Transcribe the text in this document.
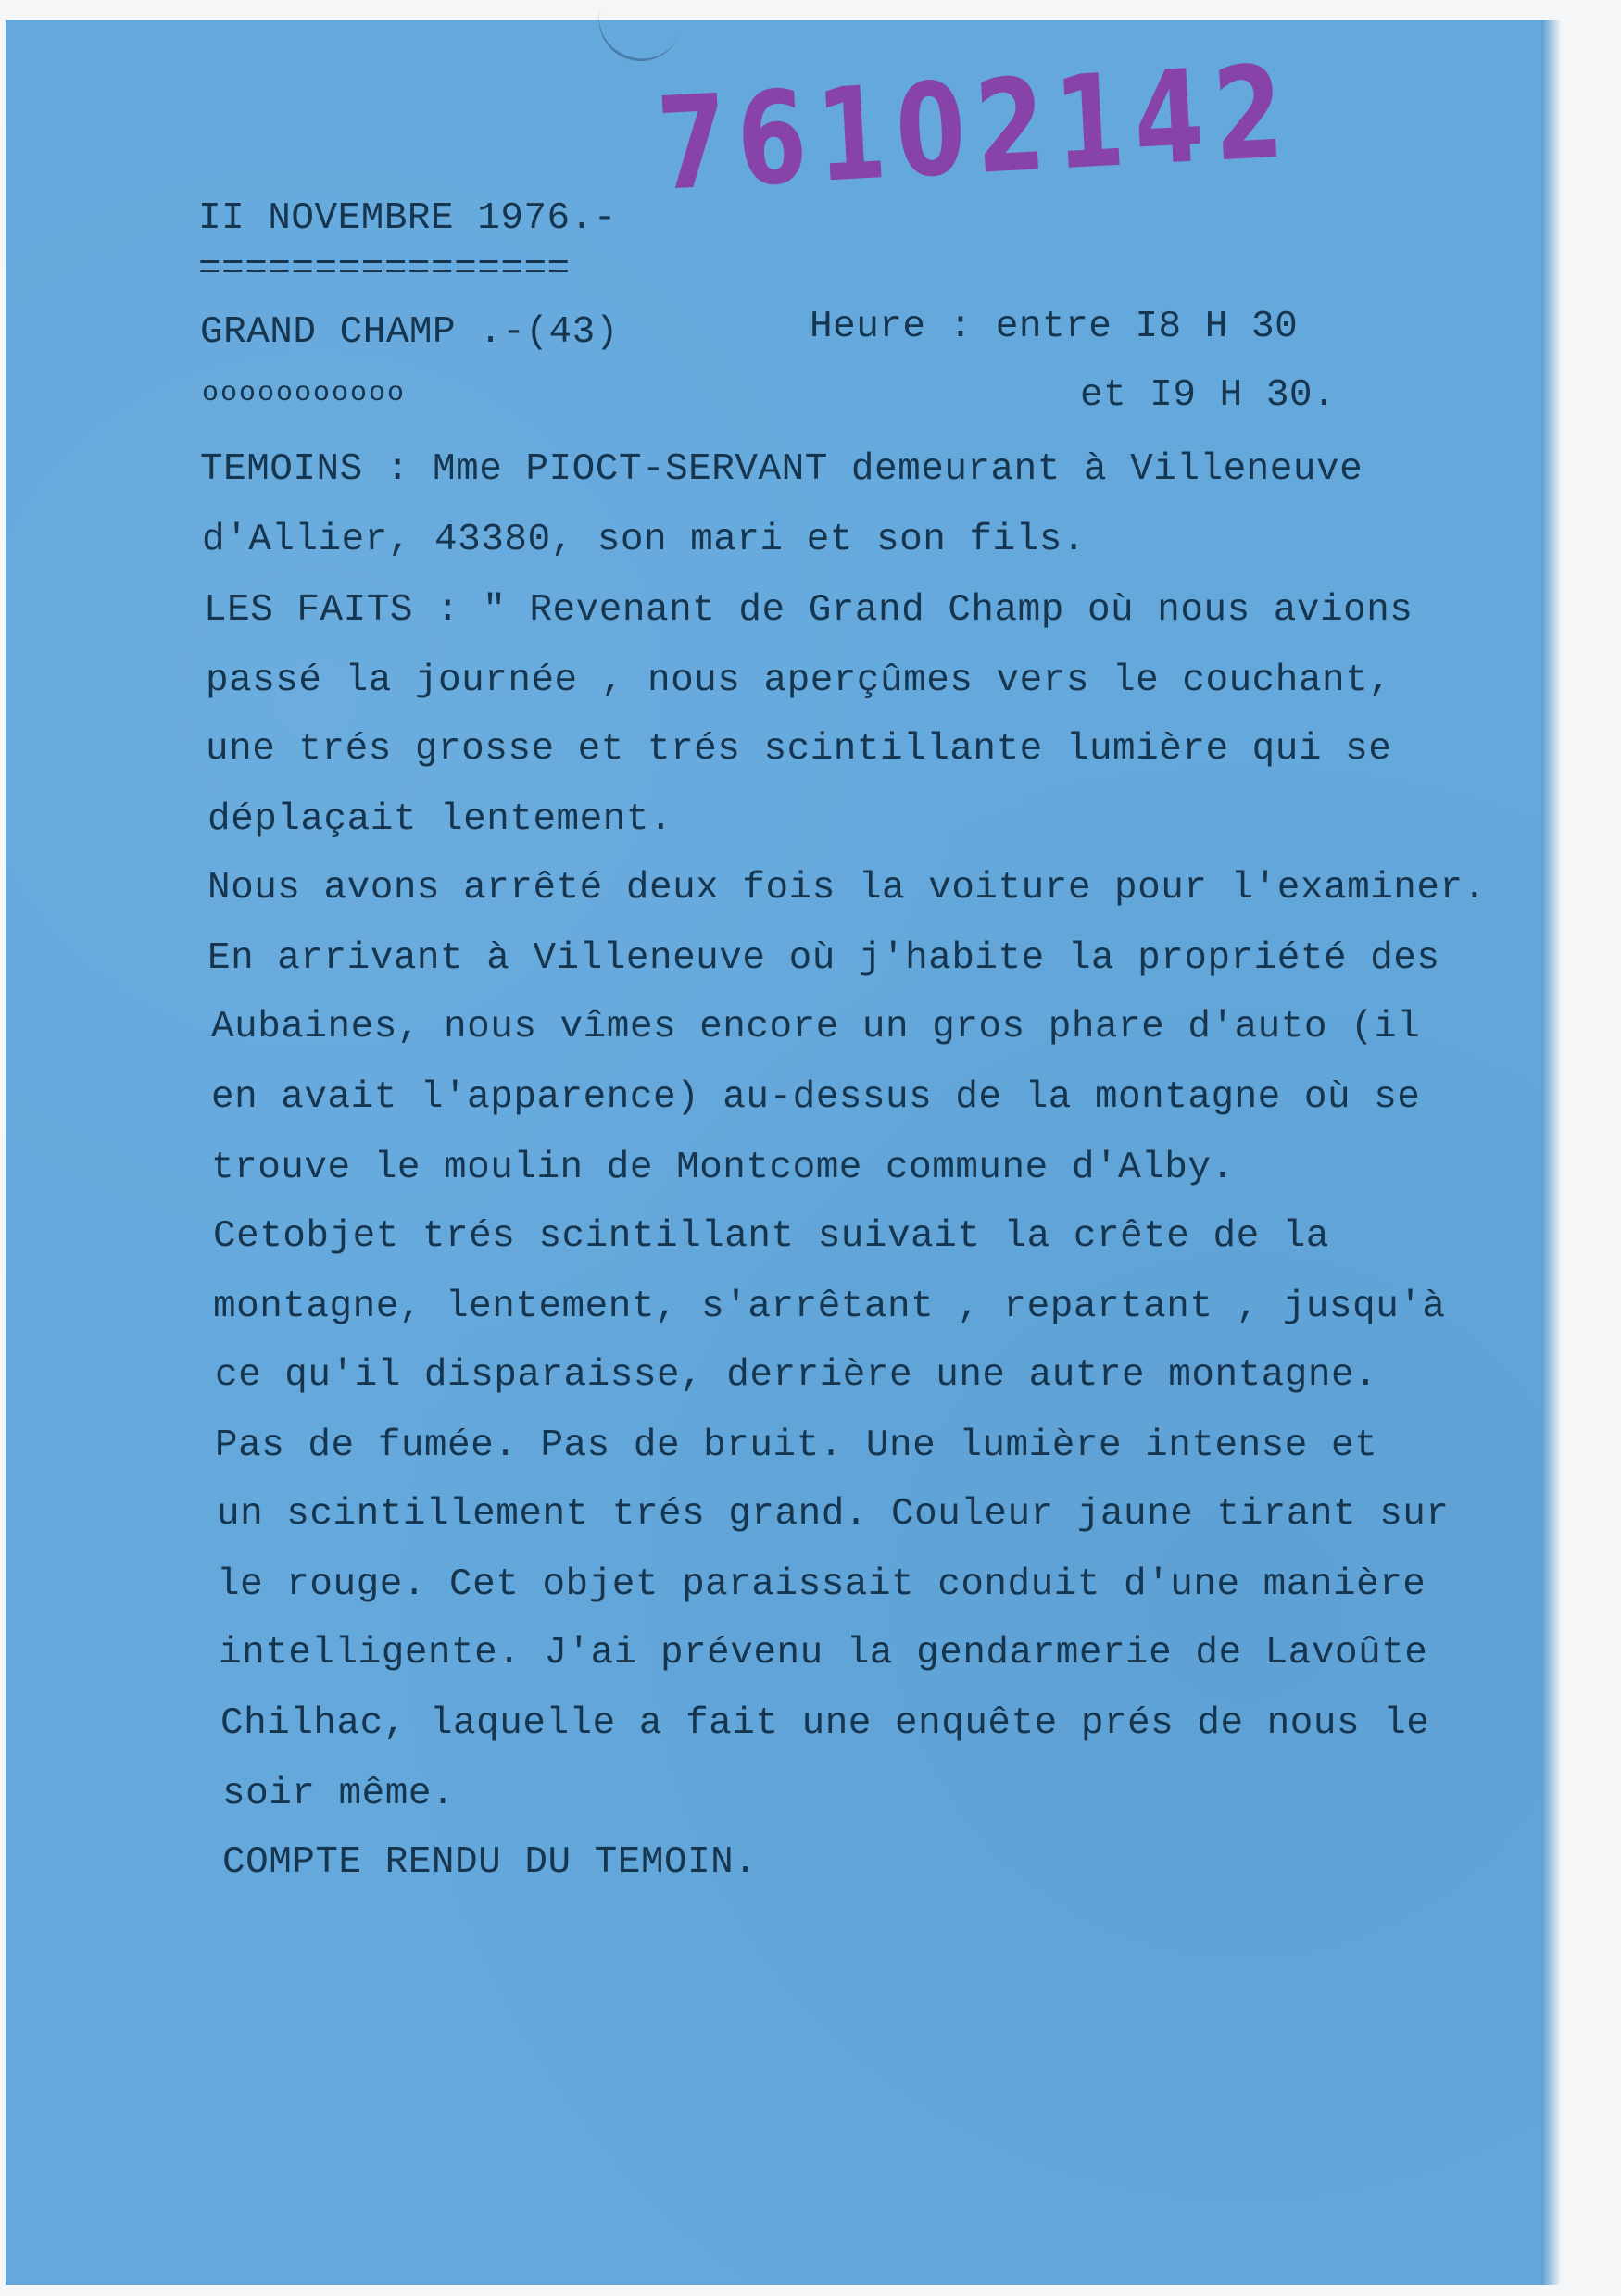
76102142
II NOVEMBRE 1976.-
================
GRAND CHAMP .-(43)
ooooooooooo
Heure : entre I8 H 30
et I9 H 30.
TEMOINS : Mme PIOCT-SERVANT demeurant à Villeneuve
d'Allier, 43380, son mari et son fils.
LES FAITS : " Revenant de Grand Champ où nous avions
passé la journée , nous aperçûmes vers le couchant,
une trés grosse et trés scintillante lumière qui se
déplaçait lentement.
Nous avons arrêté deux fois la voiture pour l'examiner.
En arrivant à Villeneuve où j'habite la propriété des
Aubaines, nous vîmes encore un gros phare d'auto (il
en avait l'apparence) au-dessus de la montagne où se
trouve le moulin de Montcome commune d'Alby.
Cetobjet trés scintillant suivait la crête de la
montagne, lentement, s'arrêtant , repartant , jusqu'à
ce qu'il disparaisse, derrière une autre montagne.
Pas de fumée. Pas de bruit. Une lumière intense et
un scintillement trés grand. Couleur jaune tirant sur
le rouge. Cet objet paraissait conduit d'une manière
intelligente. J'ai prévenu la gendarmerie de Lavoûte
Chilhac, laquelle a fait une enquête prés de nous le
soir même.
COMPTE RENDU DU TEMOIN.
